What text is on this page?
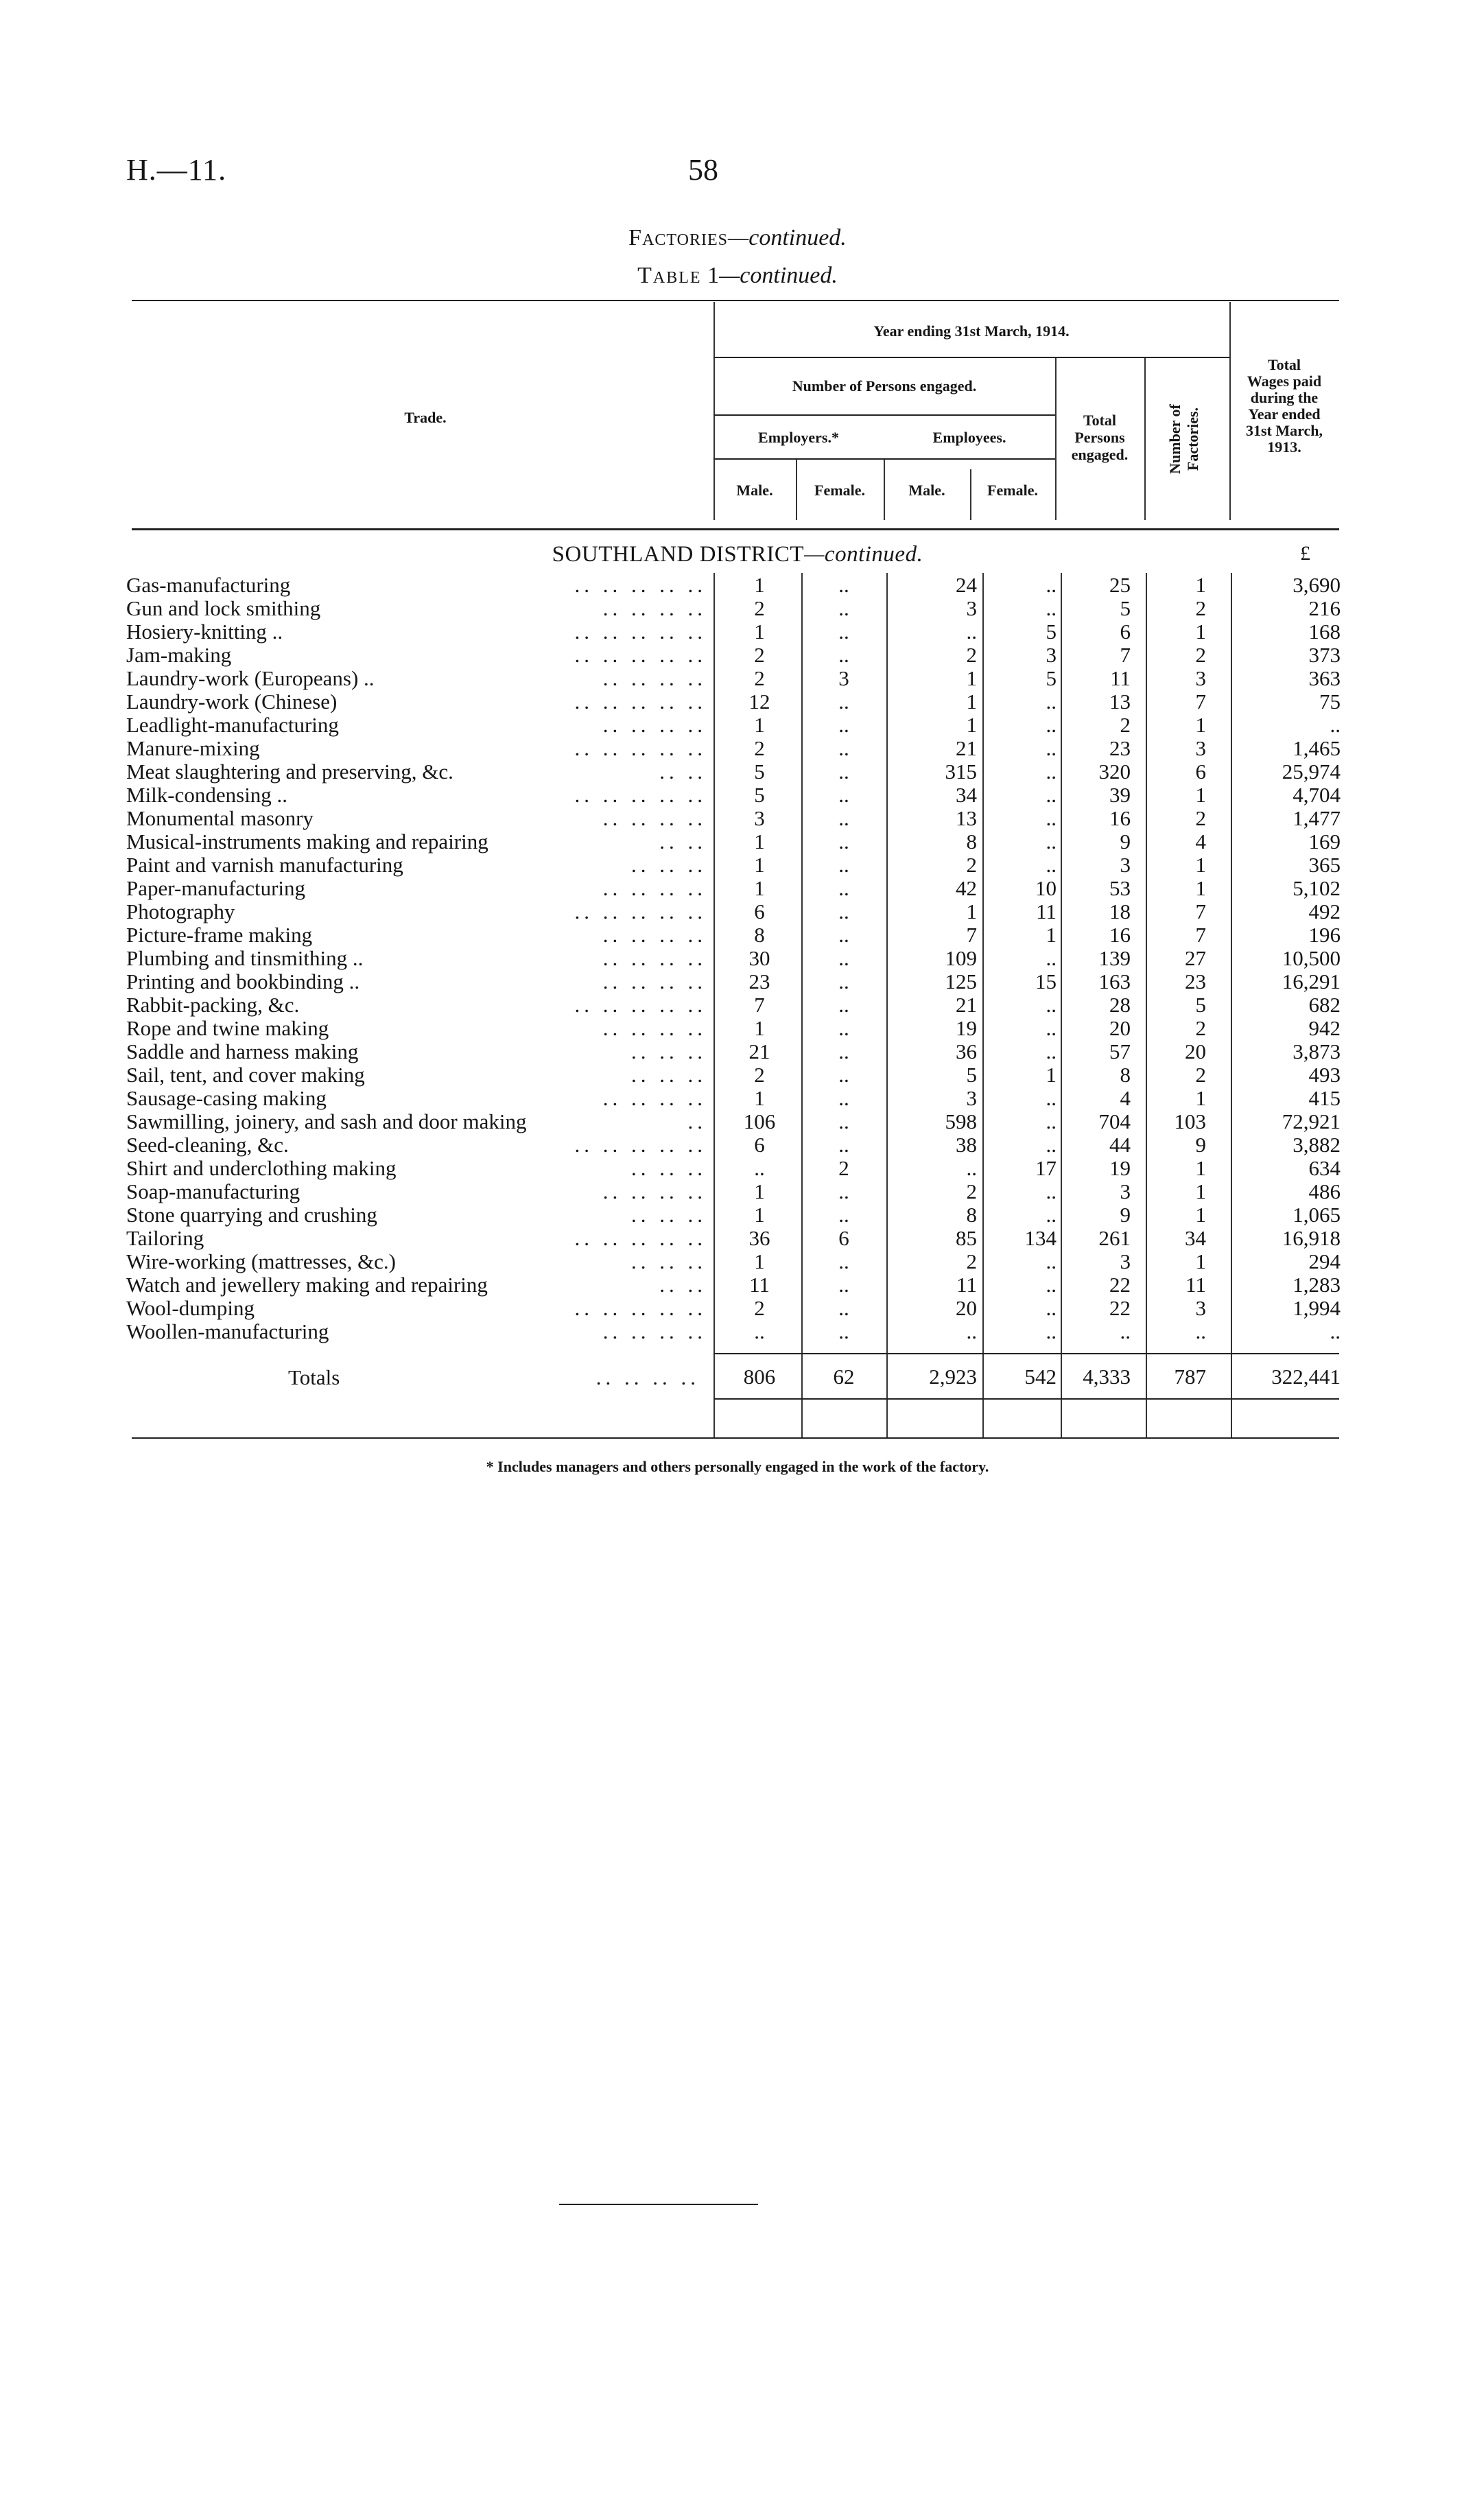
H.—11.	58
Factories—continued.
Table 1—continued.
Trade.
Year ending 31st March, 1914.
Number of Persons engaged.
Employers.*	Employees.
Male.	Female.	Male.	Female.
Total
Persons
engaged.	Number of Factories.
Total
Wages paid
during the
Year ended
31st March,
1913.
SOUTHLAND DISTRICT—continued.	£
Gas-manufacturing	.. .. .. .. ..	1	..	24	..	25	1	3,690
Gun and lock smithing	.. .. .. ..	2	..	3	..	5	2	216
Hosiery-knitting ..	.. .. .. .. ..	1	..	..	5	6	1	168
Jam-making	.. .. .. .. ..	2	..	2	3	7	2	373
Laundry-work (Europeans) ..	.. .. .. ..	2	3	1	5	11	3	363
Laundry-work (Chinese)	.. .. .. .. ..	12	..	1	..	13	7	75
Leadlight-manufacturing	.. .. .. ..	1	..	1	..	2	1	..
Manure-mixing	.. .. .. .. ..	2	..	21	..	23	3	1,465
Meat slaughtering and preserving, &c.	.. ..	5	..	315	..	320	6	25,974
Milk-condensing ..	.. .. .. .. ..	5	..	34	..	39	1	4,704
Monumental masonry	.. .. .. ..	3	..	13	..	16	2	1,477
Musical-instruments making and repairing	.. ..	1	..	8	..	9	4	169
Paint and varnish manufacturing	.. .. ..	1	..	2	..	3	1	365
Paper-manufacturing	.. .. .. ..	1	..	42	10	53	1	5,102
Photography	.. .. .. .. ..	6	..	1	11	18	7	492
Picture-frame making	.. .. .. ..	8	..	7	1	16	7	196
Plumbing and tinsmithing ..	.. .. .. ..	30	..	109	..	139	27	10,500
Printing and bookbinding ..	.. .. .. ..	23	..	125	15	163	23	16,291
Rabbit-packing, &c.	.. .. .. .. ..	7	..	21	..	28	5	682
Rope and twine making	.. .. .. ..	1	..	19	..	20	2	942
Saddle and harness making	.. .. ..	21	..	36	..	57	20	3,873
Sail, tent, and cover making	.. .. ..	2	..	5	1	8	2	493
Sausage-casing making	.. .. .. ..	1	..	3	..	4	1	415
Sawmilling, joinery, and sash and door making	..	106	..	598	..	704	103	72,921
Seed-cleaning, &c.	.. .. .. .. ..	6	..	38	..	44	9	3,882
Shirt and underclothing making	.. .. ..	..	2	..	17	19	1	634
Soap-manufacturing	.. .. .. ..	1	..	2	..	3	1	486
Stone quarrying and crushing	.. .. ..	1	..	8	..	9	1	1,065
Tailoring	.. .. .. .. ..	36	6	85	134	261	34	16,918
Wire-working (mattresses, &c.)	.. .. ..	1	..	2	..	3	1	294
Watch and jewellery making and repairing	.. ..	11	..	11	..	22	11	1,283
Wool-dumping	.. .. .. .. ..	2	..	20	..	22	3	1,994
Woollen-manufacturing	.. .. .. ..	..	..	..	..	..	..	..
Totals	.. .. .. ..	806	62	2,923	542	4,333	787	322,441
* Includes managers and others personally engaged in the work of the factory.
